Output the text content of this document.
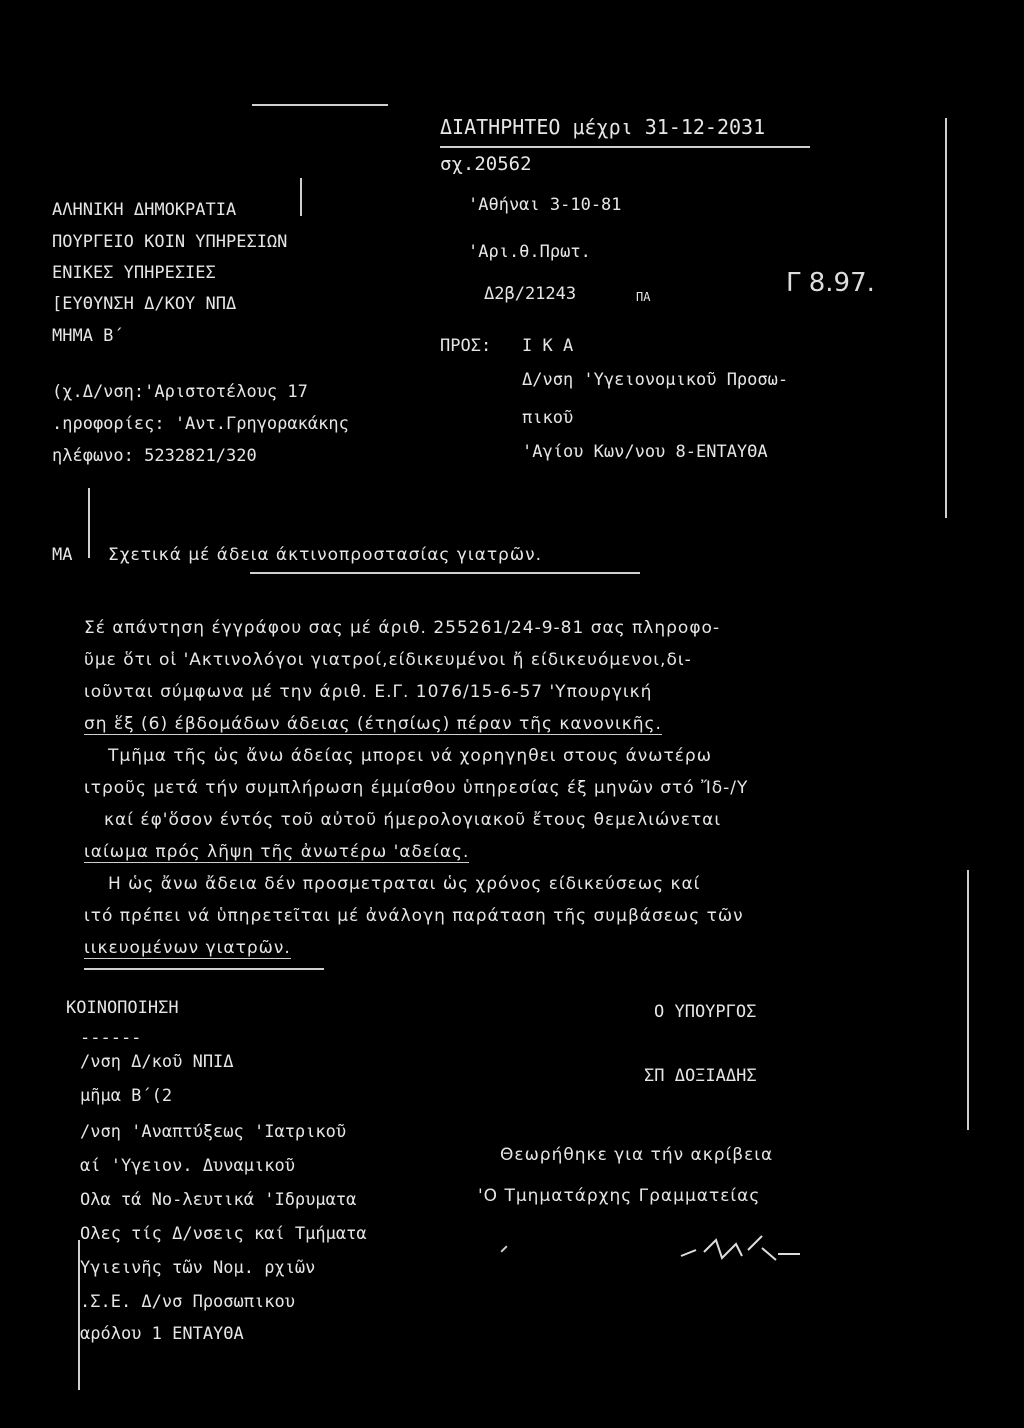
ΔΙΑΤΗΡΗΤΕΟ μέχρι 31-12-2031
σχ.20562
'Αθήναι 3-10-81
'Αρι.θ.Πρωτ.
Δ2β/21243	ΠΑ	Γ 8.97.
ΑΛΗΝΙΚΗ ΔΗΜΟΚΡΑΤΙΑ
ΠΟΥΡΓΕΙΟ ΚΟΙΝ ΥΠΗΡΕΣΙΩΝ
ΕΝΙΚΕΣ ΥΠΗΡΕΣΙΕΣ
[ΕΥΘΥΝΣΗ Δ/ΚΟΥ ΝΠΔ
ΜΗΜΑ Β΄
(χ.Δ/νση:'Αριστοτέλους 17
.ηροφορίες: 'Αντ.Γρηγορακάκης
ηλέφωνο: 5232821/320
ΠΡΟΣ: Ι Κ Α
Δ/νση 'Υγειονομικοῦ Προσω-
πικοῦ
'Αγίου Κων/νου 8-ΕΝΤΑΥΘΑ
ΜΑ Σχετικά μέ άδεια άκτινοπροστασίας γιατρῶν.
Σέ απάντηση έγγράφου σας μέ άριθ. 255261/24-9-81 σας πληροφο-
ῦμε ὅτι οἱ 'Ακτινολόγοι γιατροί,είδικευμένοι ἤ είδικευόμενοι,δι-
ιοῦνται σύμφωνα μέ την άριθ. Ε.Γ. 1076/15-6-57 'Υπουργική
ση ἕξ (6) έβδομάδων άδειας (έτησίως) πέραν τῆς κανονικῆς.
Τμῆμα τῆς ὡς ἄνω άδείας μπορει νά χορηγηθει στους άνωτέρω
ιτροῦς μετά τήν συμπλήρωση έμμίσθου ὑπηρεσίας έξ μηνῶν στό Ἴδ-/Υ
καί έφ'ὅσον έντός τοῦ αὐτοῦ ήμερολογιακοῦ ἔτους θεμελιώνεται
ιαίωμα πρός λῆψη τῆς ἀνωτέρω 'αδείας.
Η ὡς ἄνω ἄδεια δέν προσμετραται ὡς χρόνος είδικεύσεως καί
ιτό πρέπει νά ὑπηρετεῖται μέ ἀνάλογη παράταση τῆς συμβάσεως τῶν
ιικευομένων γιατρῶν.
ΚΟΙΝΟΠΟΙΗΣΗ
------
/νση Δ/κοῦ ΝΠΙΔ
μῆμα Β΄(2
/νση 'Αναπτύξεως 'Ιατρικοῦ
αί 'Υγειον. Δυναμικοῦ
Ολα τά Νο-λευτικά 'Ιδρυματα
Ολες τίς Δ/νσεις καί Τμήματα
Υγιεινῆς τῶν Νομ. ρχιῶν
.Σ.Ε. Δ/νσ Προσωπικου
αρόλου 1 ΕΝΤΑΥΘΑ
Ο ΥΠΟΥΡΓΟΣ
ΣΠ ΔΟΞΙΑΔΗΣ
Θεωρήθηκε για τήν ακρίβεια
'Ο Τμηματάρχης Γραμματείας
